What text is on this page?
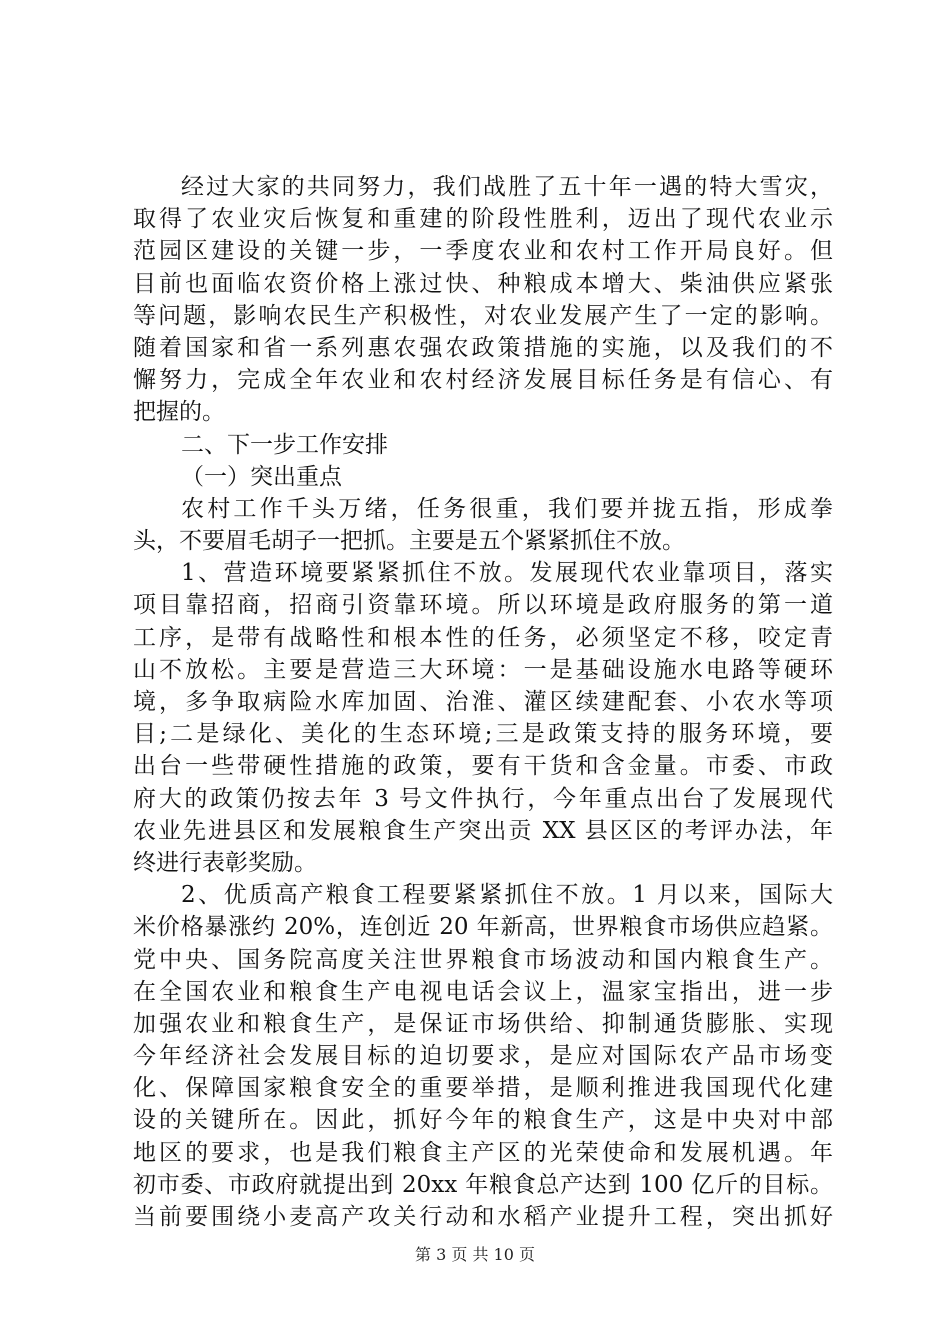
经过大家的共同努力，我们战胜了五十年一遇的特大雪灾，
取得了农业灾后恢复和重建的阶段性胜利，迈出了现代农业示
范园区建设的关键一步，一季度农业和农村工作开局良好。但
目前也面临农资价格上涨过快、种粮成本增大、柴油供应紧张
等问题，影响农民生产积极性，对农业发展产生了一定的影响。
随着国家和省一系列惠农强农政策措施的实施，以及我们的不
懈努力，完成全年农业和农村经济发展目标任务是有信心、有
把握的。
二、下一步工作安排
（一）突出重点
农村工作千头万绪，任务很重，我们要并拢五指，形成拳
头，不要眉毛胡子一把抓。主要是五个紧紧抓住不放。
1、营造环境要紧紧抓住不放。发展现代农业靠项目，落实
项目靠招商，招商引资靠环境。所以环境是政府服务的第一道
工序，是带有战略性和根本性的任务，必须坚定不移，咬定青
山不放松。主要是营造三大环境：一是基础设施水电路等硬环
境，多争取病险水库加固、治淮、灌区续建配套、小农水等项
目;二是绿化、美化的生态环境;三是政策支持的服务环境，要
出台一些带硬性措施的政策，要有干货和含金量。市委、市政
府大的政策仍按去年 3 号文件执行，今年重点出台了发展现代
农业先进县区和发展粮食生产突出贡 XX 县区区的考评办法，年
终进行表彰奖励。
2、优质高产粮食工程要紧紧抓住不放。1 月以来，国际大
米价格暴涨约 20%，连创近 20 年新高，世界粮食市场供应趋紧。
党中央、国务院高度关注世界粮食市场波动和国内粮食生产。
在全国农业和粮食生产电视电话会议上，温家宝指出，进一步
加强农业和粮食生产，是保证市场供给、抑制通货膨胀、实现
今年经济社会发展目标的迫切要求，是应对国际农产品市场变
化、保障国家粮食安全的重要举措，是顺利推进我国现代化建
设的关键所在。因此，抓好今年的粮食生产，这是中央对中部
地区的要求，也是我们粮食主产区的光荣使命和发展机遇。年
初市委、市政府就提出到 20xx 年粮食总产达到 100 亿斤的目标。
当前要围绕小麦高产攻关行动和水稻产业提升工程，突出抓好
第 3 页 共 10 页
